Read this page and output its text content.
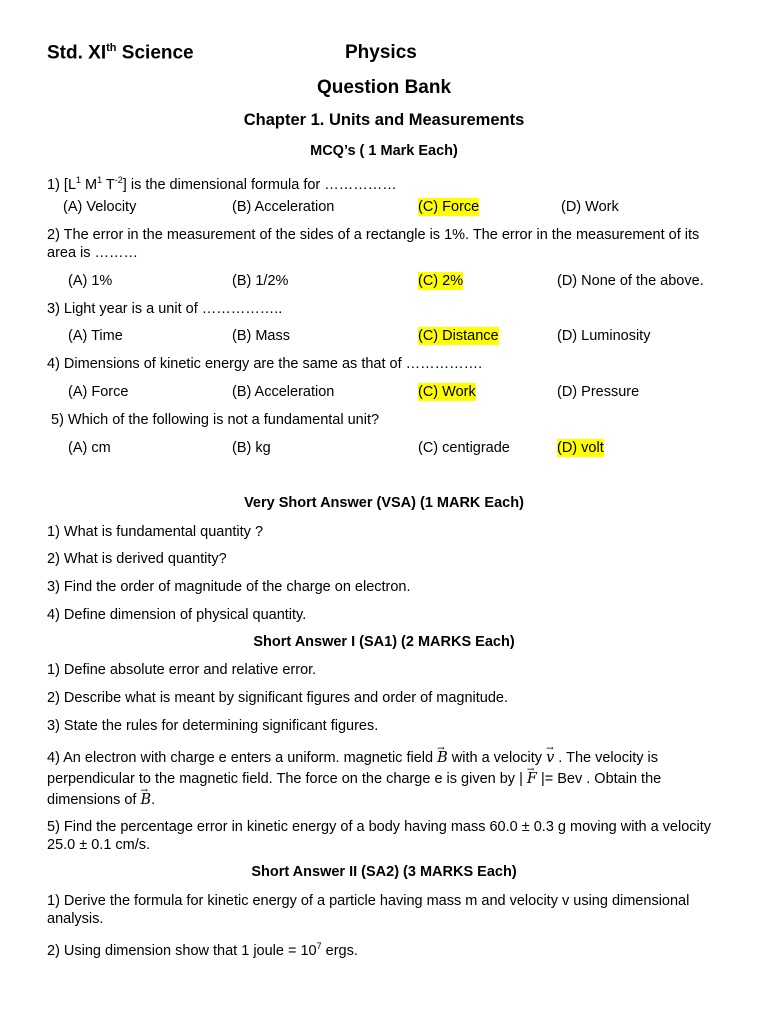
Std. XIth Science	Physics
Question Bank
Chapter 1. Units and Measurements
MCQ’s ( 1 Mark Each)
1) [$L^1$ $M^1$ $T^{-2}$] is the dimensional formula for ……………
(A) Velocity	(B) Acceleration	(C) Force	(D) Work
2) The error in the measurement of the sides of a rectangle is 1%. The error in the measurement of its area is ………
(A) 1%	(B) 1/2%	(C) 2%	(D) None of the above.
3) Light year is a unit of ……………..
(A) Time	(B) Mass	(C) Distance	(D) Luminosity
4) Dimensions of kinetic energy are the same as that of …………….
(A) Force	(B) Acceleration	(C) Work	(D) Pressure
5) Which of the following is not a fundamental unit?
(A) cm	(B) kg	(C) centigrade	(D) volt
Very Short Answer (VSA) (1 MARK Each)
1) What is fundamental quantity ?
2) What is derived quantity?
3) Find the order of magnitude of the charge on electron.
4) Define dimension of physical quantity.
Short Answer I (SA1) (2 MARKS Each)
1) Define absolute error and relative error.
2) Describe what is meant by significant figures and order of magnitude.
3) State the rules for determining significant figures.
4) An electron with charge e enters a uniform. magnetic field → B with a velocity → v . The velocity is perpendicular to the magnetic field. The force on the charge e is given by | → F |= Bev . Obtain the dimensions of → B.
5) Find the percentage error in kinetic energy of a body having mass 60.0 ± 0.3 g moving with a velocity 25.0 ± 0.1 cm/s.
Short Answer II (SA2) (3 MARKS Each)
1) Derive the formula for kinetic energy of a particle having mass m and velocity v using dimensional analysis.
2) Using dimension show that 1 joule = $10^7$ ergs.
